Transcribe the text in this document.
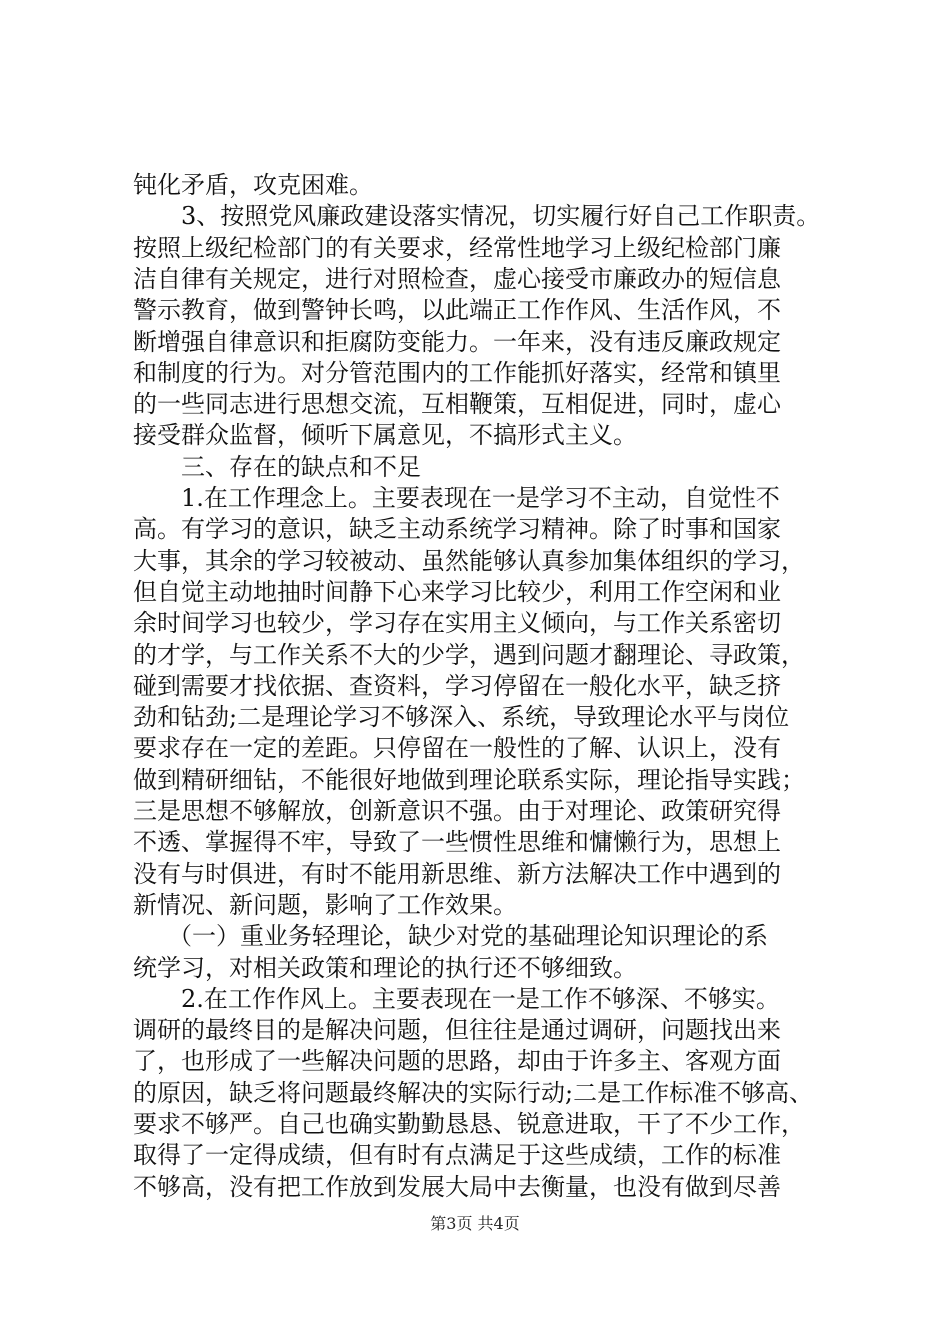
钝化矛盾，攻克困难。
3、按照党风廉政建设落实情况，切实履行好自己工作职责。
按照上级纪检部门的有关要求，经常性地学习上级纪检部门廉
洁自律有关规定，进行对照检查，虚心接受市廉政办的短信息
警示教育，做到警钟长鸣，以此端正工作作风、生活作风，不
断增强自律意识和拒腐防变能力。一年来，没有违反廉政规定
和制度的行为。对分管范围内的工作能抓好落实，经常和镇里
的一些同志进行思想交流，互相鞭策，互相促进，同时，虚心
接受群众监督，倾听下属意见，不搞形式主义。
三、存在的缺点和不足
1.在工作理念上。主要表现在一是学习不主动，自觉性不
高。有学习的意识，缺乏主动系统学习精神。除了时事和国家
大事，其余的学习较被动、虽然能够认真参加集体组织的学习，
但自觉主动地抽时间静下心来学习比较少，利用工作空闲和业
余时间学习也较少，学习存在实用主义倾向，与工作关系密切
的才学，与工作关系不大的少学，遇到问题才翻理论、寻政策，
碰到需要才找依据、查资料，学习停留在一般化水平，缺乏挤
劲和钻劲;二是理论学习不够深入、系统，导致理论水平与岗位
要求存在一定的差距。只停留在一般性的了解、认识上，没有
做到精研细钻，不能很好地做到理论联系实际，理论指导实践；
三是思想不够解放，创新意识不强。由于对理论、政策研究得
不透、掌握得不牢，导致了一些惯性思维和慵懒行为，思想上
没有与时俱进，有时不能用新思维、新方法解决工作中遇到的
新情况、新问题，影响了工作效果。
（一）重业务轻理论，缺少对党的基础理论知识理论的系
统学习，对相关政策和理论的执行还不够细致。
2.在工作作风上。主要表现在一是工作不够深、不够实。
调研的最终目的是解决问题，但往往是通过调研，问题找出来
了，也形成了一些解决问题的思路，却由于许多主、客观方面
的原因，缺乏将问题最终解决的实际行动;二是工作标准不够高、
要求不够严。自己也确实勤勤恳恳、锐意进取，干了不少工作，
取得了一定得成绩，但有时有点满足于这些成绩，工作的标准
不够高，没有把工作放到发展大局中去衡量，也没有做到尽善
第3页 共4页
